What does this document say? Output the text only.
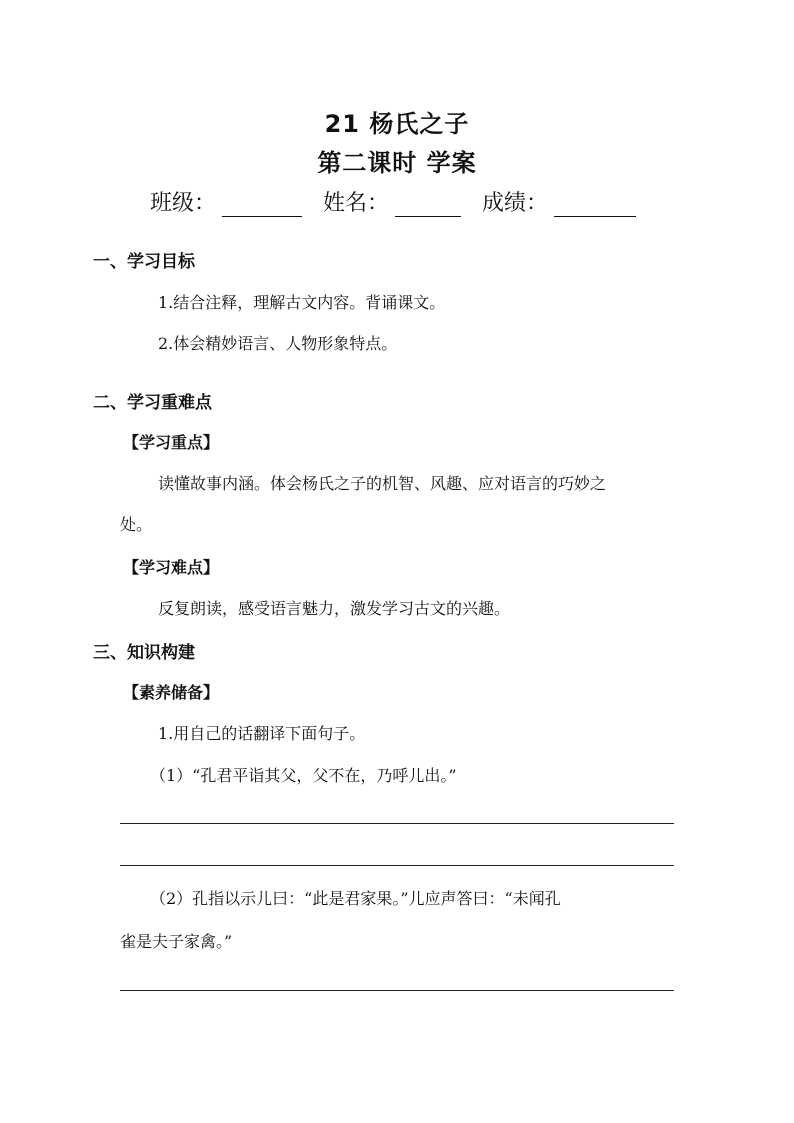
21 杨氏之子
第二课时 学案
班级：	姓名：	成绩：
一、学习目标
1.结合注释，理解古文内容。背诵课文。
2.体会精妙语言、人物形象特点。
二、学习重难点
【学习重点】
读懂故事内涵。体会杨氏之子的机智、风趣、应对语言的巧妙之
处。
【学习难点】
反复朗读，感受语言魅力，激发学习古文的兴趣。
三、知识构建
【素养储备】
1.用自己的话翻译下面句子。
（1）“孔君平诣其父，父不在，乃呼儿出。”
（2）孔指以示儿曰：“此是君家果。”儿应声答曰：“未闻孔
雀是夫子家禽。”
